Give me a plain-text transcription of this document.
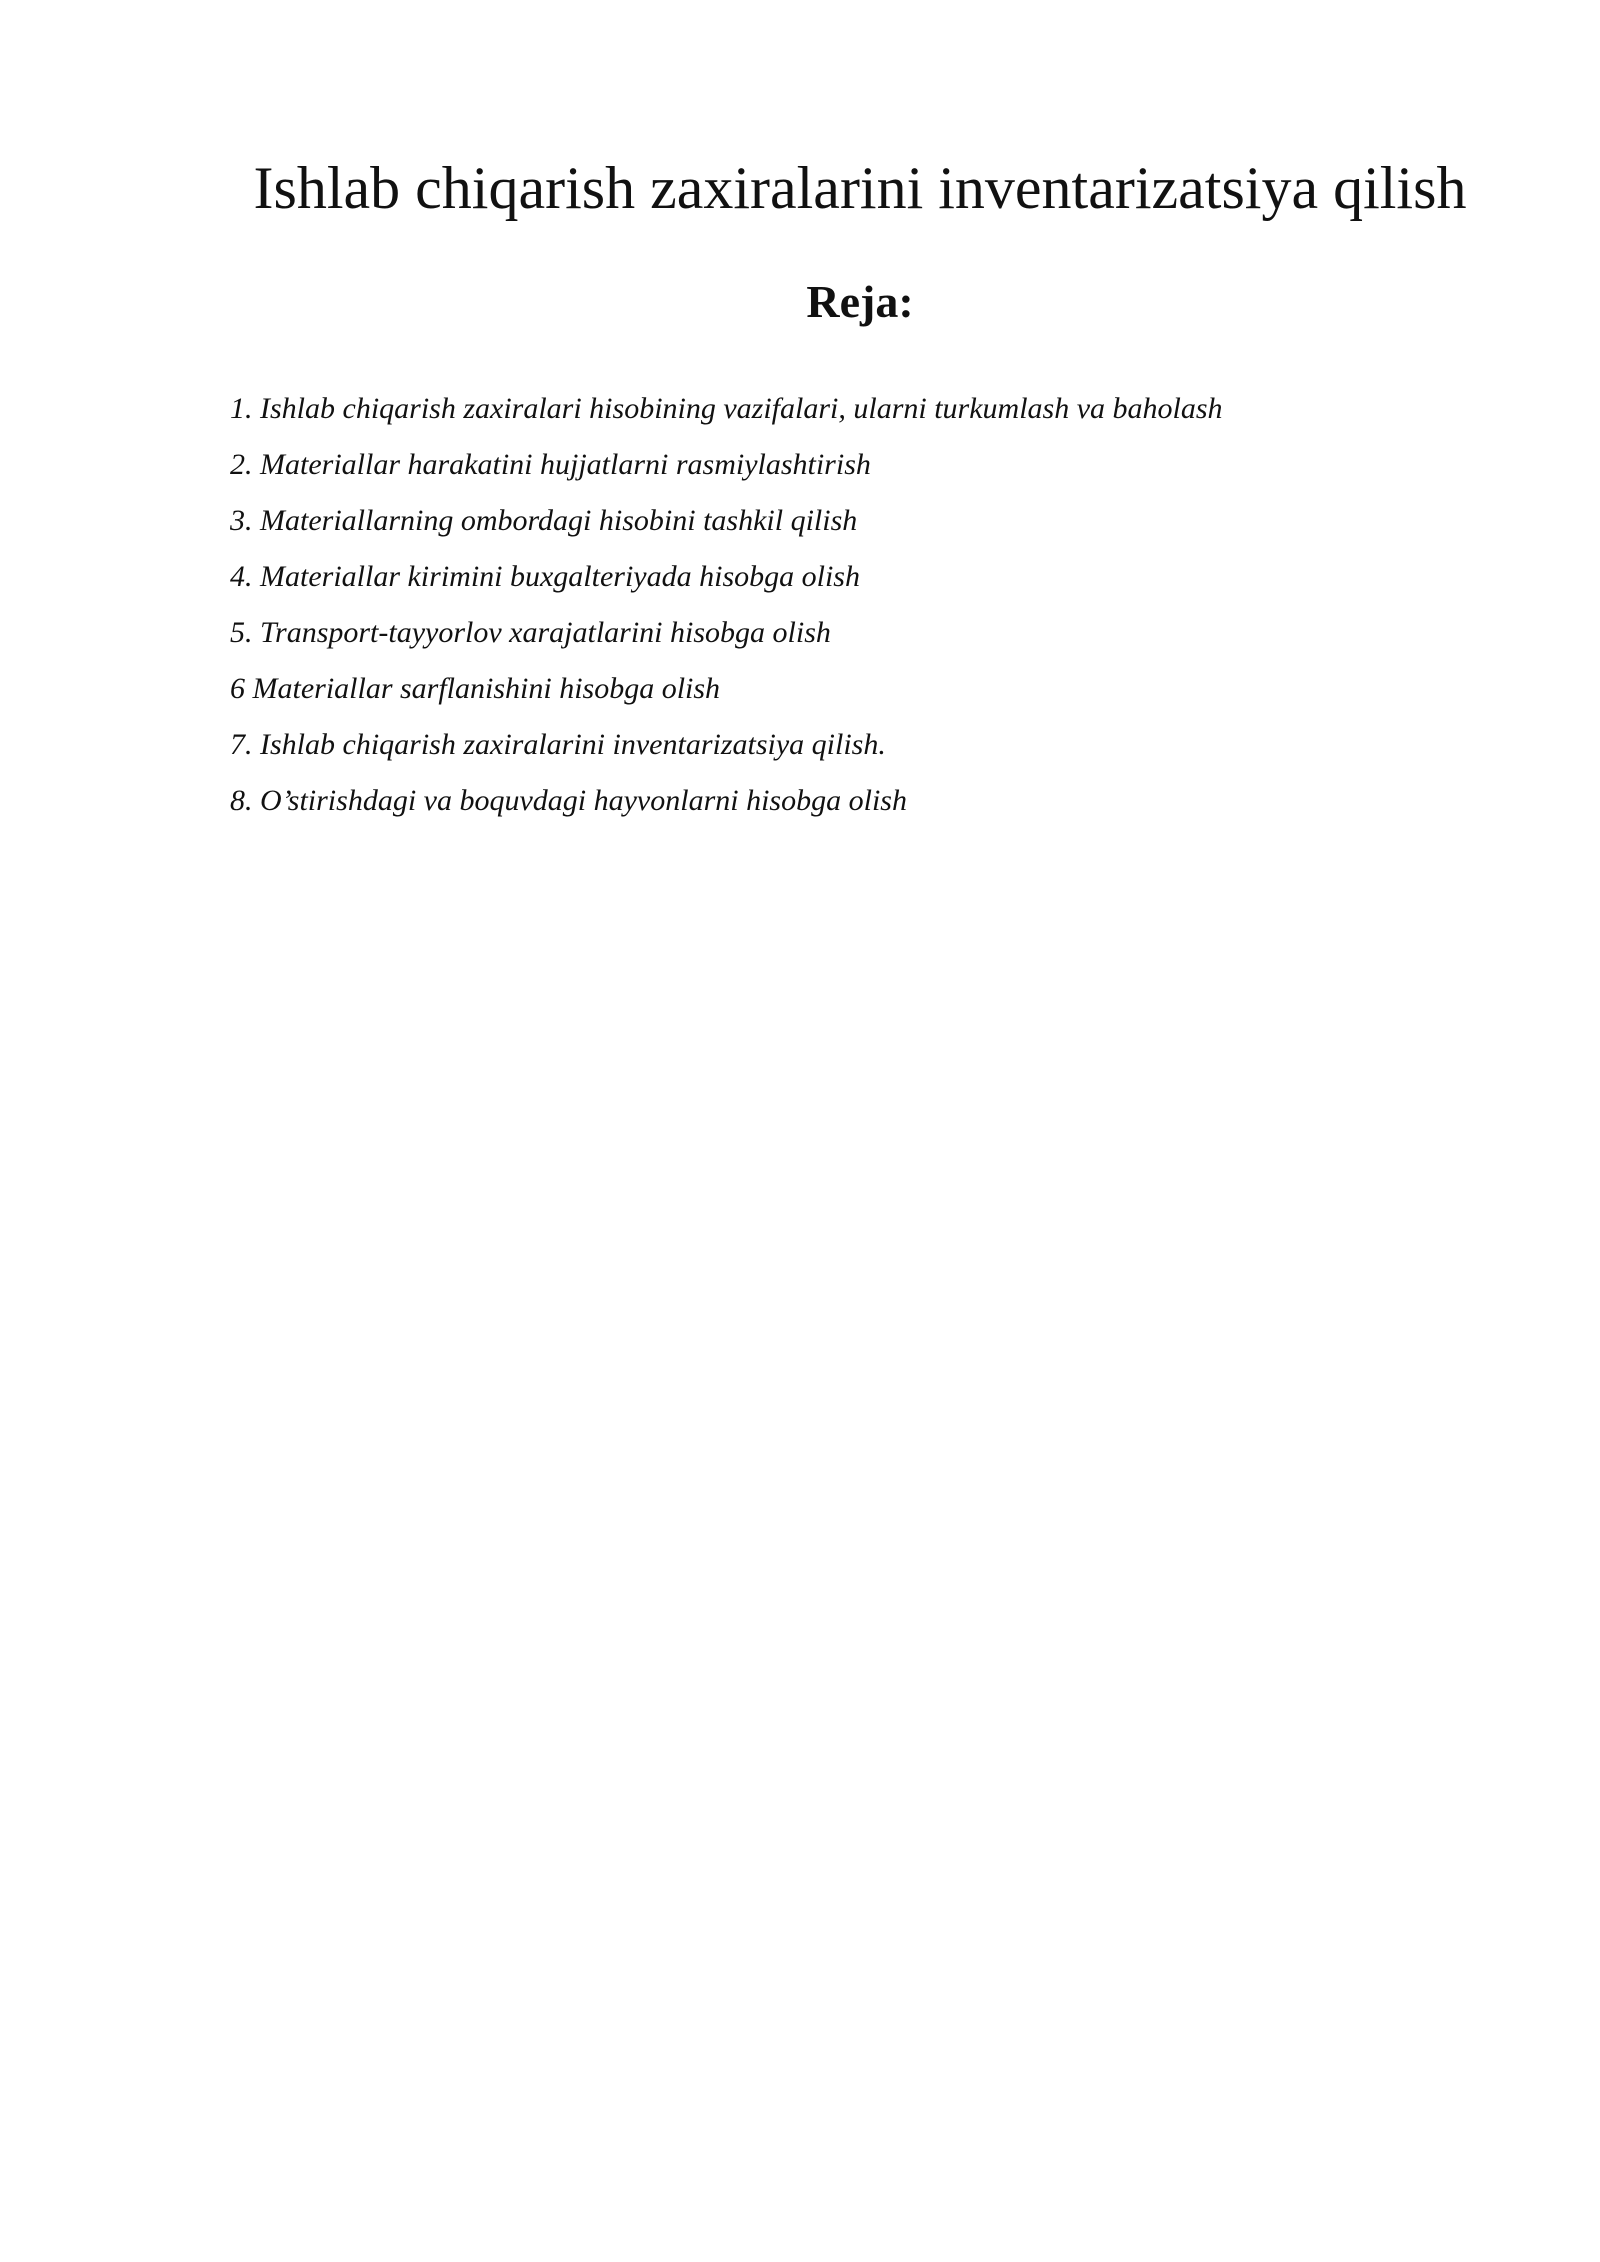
Ishlab chiqarish zaxiralarini inventarizatsiya qilish
Reja:
1. Ishlab chiqarish zaxiralari hisobining vazifalari, ularni turkumlash va baholash
2. Materiallar harakatini hujjatlarni rasmiylashtirish
3. Materiallarning ombordagi hisobini tashkil qilish
4. Materiallar kirimini buxgalteriyada hisobga olish
5. Transport-tayyorlov xarajatlarini hisobga olish
6 Materiallar sarflanishini hisobga olish
7. Ishlab chiqarish zaxiralarini inventarizatsiya qilish.
8. O’stirishdagi va boquvdagi hayvonlarni hisobga olish
